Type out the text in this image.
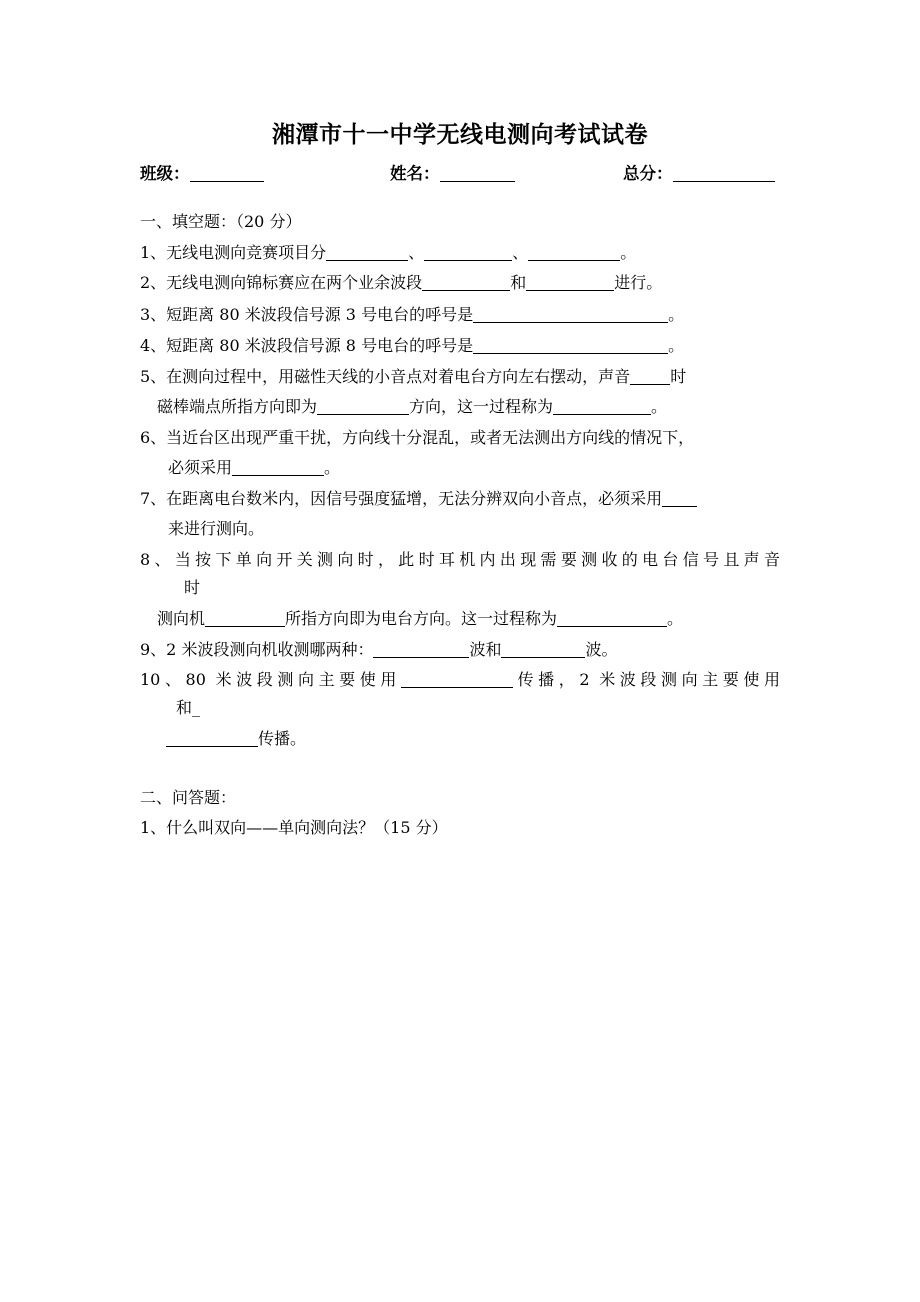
湘潭市十一中学无线电测向考试试卷
班级：	姓名：	总分：
一、填空题：（20 分）
1、无线电测向竞赛项目分	、	、	。
2、无线电测向锦标赛应在两个业余波段	和	进行。
3、短距离 80 米波段信号源 3 号电台的呼号是	。
4、短距离 80 米波段信号源 8 号电台的呼号是	。
5、在测向过程中，用磁性天线的小音点对着电台方向左右摆动，声音	时
磁棒端点所指方向即为	方向，这一过程称为	。
6、当近台区出现严重干扰，方向线十分混乱，或者无法测出方向线的情况下，
必须采用	。
7、在距离电台数米内，因信号强度猛增，无法分辨双向小音点，必须采用
来进行测向。
8、当按下单向开关测向时，此时耳机内出现需要测收的电台信号且声音
时
测向机	所指方向即为电台方向。这一过程称为	。
9、2 米波段测向机收测哪两种：	波和	波。
10、80 米波段测向主要使用	传播，2 米波段测向主要使用
和_
传播。
二、问答题：
1、什么叫双向——单向测向法？（15 分）
